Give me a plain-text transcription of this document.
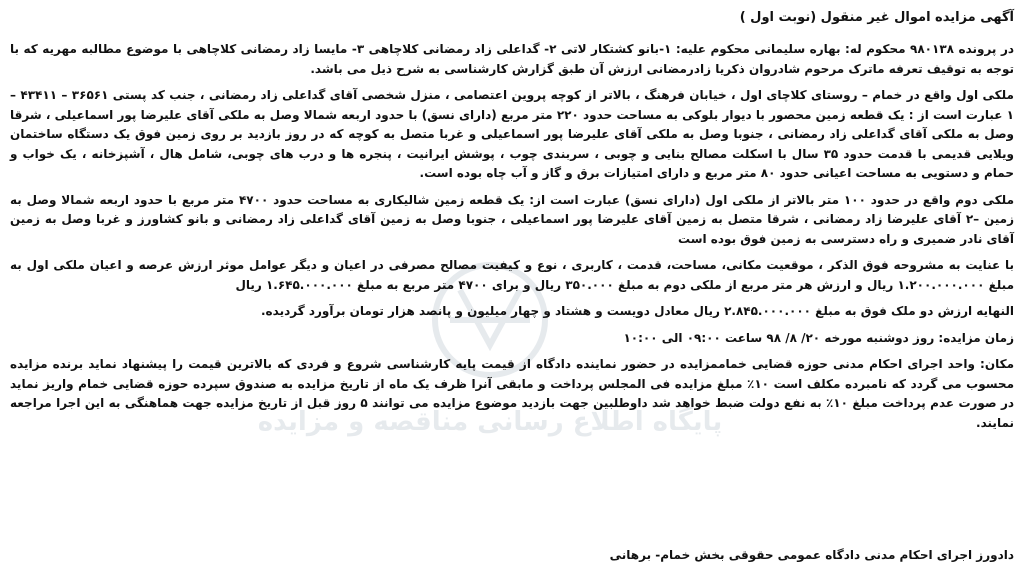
پایگاه اطلاع رسانی مناقصه و مزایده
آگهی مزایده اموال غیر منقول (نوبت اول )

در پرونده ۹۸۰۱۳۸ محکوم له: بهاره سلیمانی محکوم علیه: ۱-بانو کشتکار لاتی ۲- گداعلی زاد رمضانی کلاچاهی ۳- مایسا زاد رمضانی کلاچاهی با موضوع مطالبه مهریه که با توجه به توقیف تعرفه ماترک مرحوم شادروان ذکریا زادرمضانی ارزش آن طبق گزارش کارشناسی به شرح ذیل می باشد.

ملکی اول واقع در خمام – روستای کلاچای اول ، خیابان فرهنگ ، بالاتر از کوچه پروین اعتصامی ، منزل شخصی آقای گداعلی زاد رمضانی ، جنب کد پستی ۳۶۵۶۱ – ۴۳۴۱۱ –۱ عبارت است از : یک قطعه زمین محصور با دیوار بلوکی به مساحت حدود ۲۲۰ متر مربع (دارای نسق) با حدود اربعه شمالا وصل به ملکی آقای علیرضا پور اسماعیلی ، شرقا وصل به ملکی آقای گداعلی زاد رمضانی ، جنوبا وصل به ملکی آقای علیرضا پور اسماعیلی و غربا متصل به کوچه که در روز بازدید بر روی زمین فوق یک دستگاه ساختمان ویلایی قدیمی با قدمت حدود ۳۵ سال با اسکلت مصالح بنایی و چوبی ، سربندی چوب ، پوشش ایرانیت ، پنجره ها و درب های چوبی، شامل هال ، آشپزخانه ، یک خواب و حمام و دستویی به مساحت اعیانی حدود ۸۰ متر مربع و دارای امتیازات برق و گاز و آب چاه بوده است.

ملکی دوم واقع در حدود ۱۰۰ متر بالاتر از ملکی اول (دارای نسق) عبارت است از: یک قطعه زمین شالیکاری به مساحت حدود ۴۷۰۰ متر مربع با حدود اربعه شمالا وصل به زمین –۲ آقای علیرضا زاد رمضانی ، شرقا متصل به زمین آقای علیرضا پور اسماعیلی ، جنوبا وصل به زمین آقای گداعلی زاد رمضانی و بانو کشاورز و غربا وصل به زمین آقای نادر ضمیری و راه دسترسی به زمین فوق بوده است

با عنایت به مشروحه فوق الذکر ، موقعیت مکانی، مساحت، قدمت ، کاربری ، نوع و کیفیت مصالح مصرفی در اعیان و دیگر عوامل موثر ارزش عرصه و اعیان ملکی اول به مبلغ ۱.۲۰۰.۰۰۰.۰۰۰ ریال و ارزش هر متر مربع از ملکی دوم به مبلغ ۳۵۰.۰۰۰ ریال و برای ۴۷۰۰ متر مربع به مبلغ ۱.۶۴۵.۰۰۰.۰۰۰ ریال

النهایه ارزش دو ملک فوق به مبلغ ۲.۸۴۵.۰۰۰.۰۰۰ ریال معادل دویست و هشتاد و چهار میلیون و پانصد هزار تومان برآورد گردیده.

زمان مزایده: روز دوشنبه مورخه ۲۰/ ۸/ ۹۸ ساعت ۰۹:۰۰ الی ۱۰:۰۰

مکان: واحد اجرای احکام مدنی حوزه قضایی خماممزایده در حضور نماینده دادگاه از قیمت پایه کارشناسی شروع و فردی که بالاترین قیمت را پیشنهاد نماید برنده مزایده محسوب می گردد که نامبرده مکلف است ۱۰٪ مبلغ مزایده فی المجلس پرداخت و مابقی آنرا ظرف یک ماه از تاریخ مزایده به صندوق سپرده حوزه قضایی خمام واریز نماید در صورت عدم پرداخت مبلغ ۱۰٪ به نفع دولت ضبط خواهد شد داوطلبین جهت بازدید موضوع مزایده می توانند ۵ روز قبل از تاریخ مزایده جهت هماهنگی به این اجرا مراجعه نمایند.

دادورز اجرای احکام مدنی دادگاه عمومی حقوقی بخش خمام- برهانی
